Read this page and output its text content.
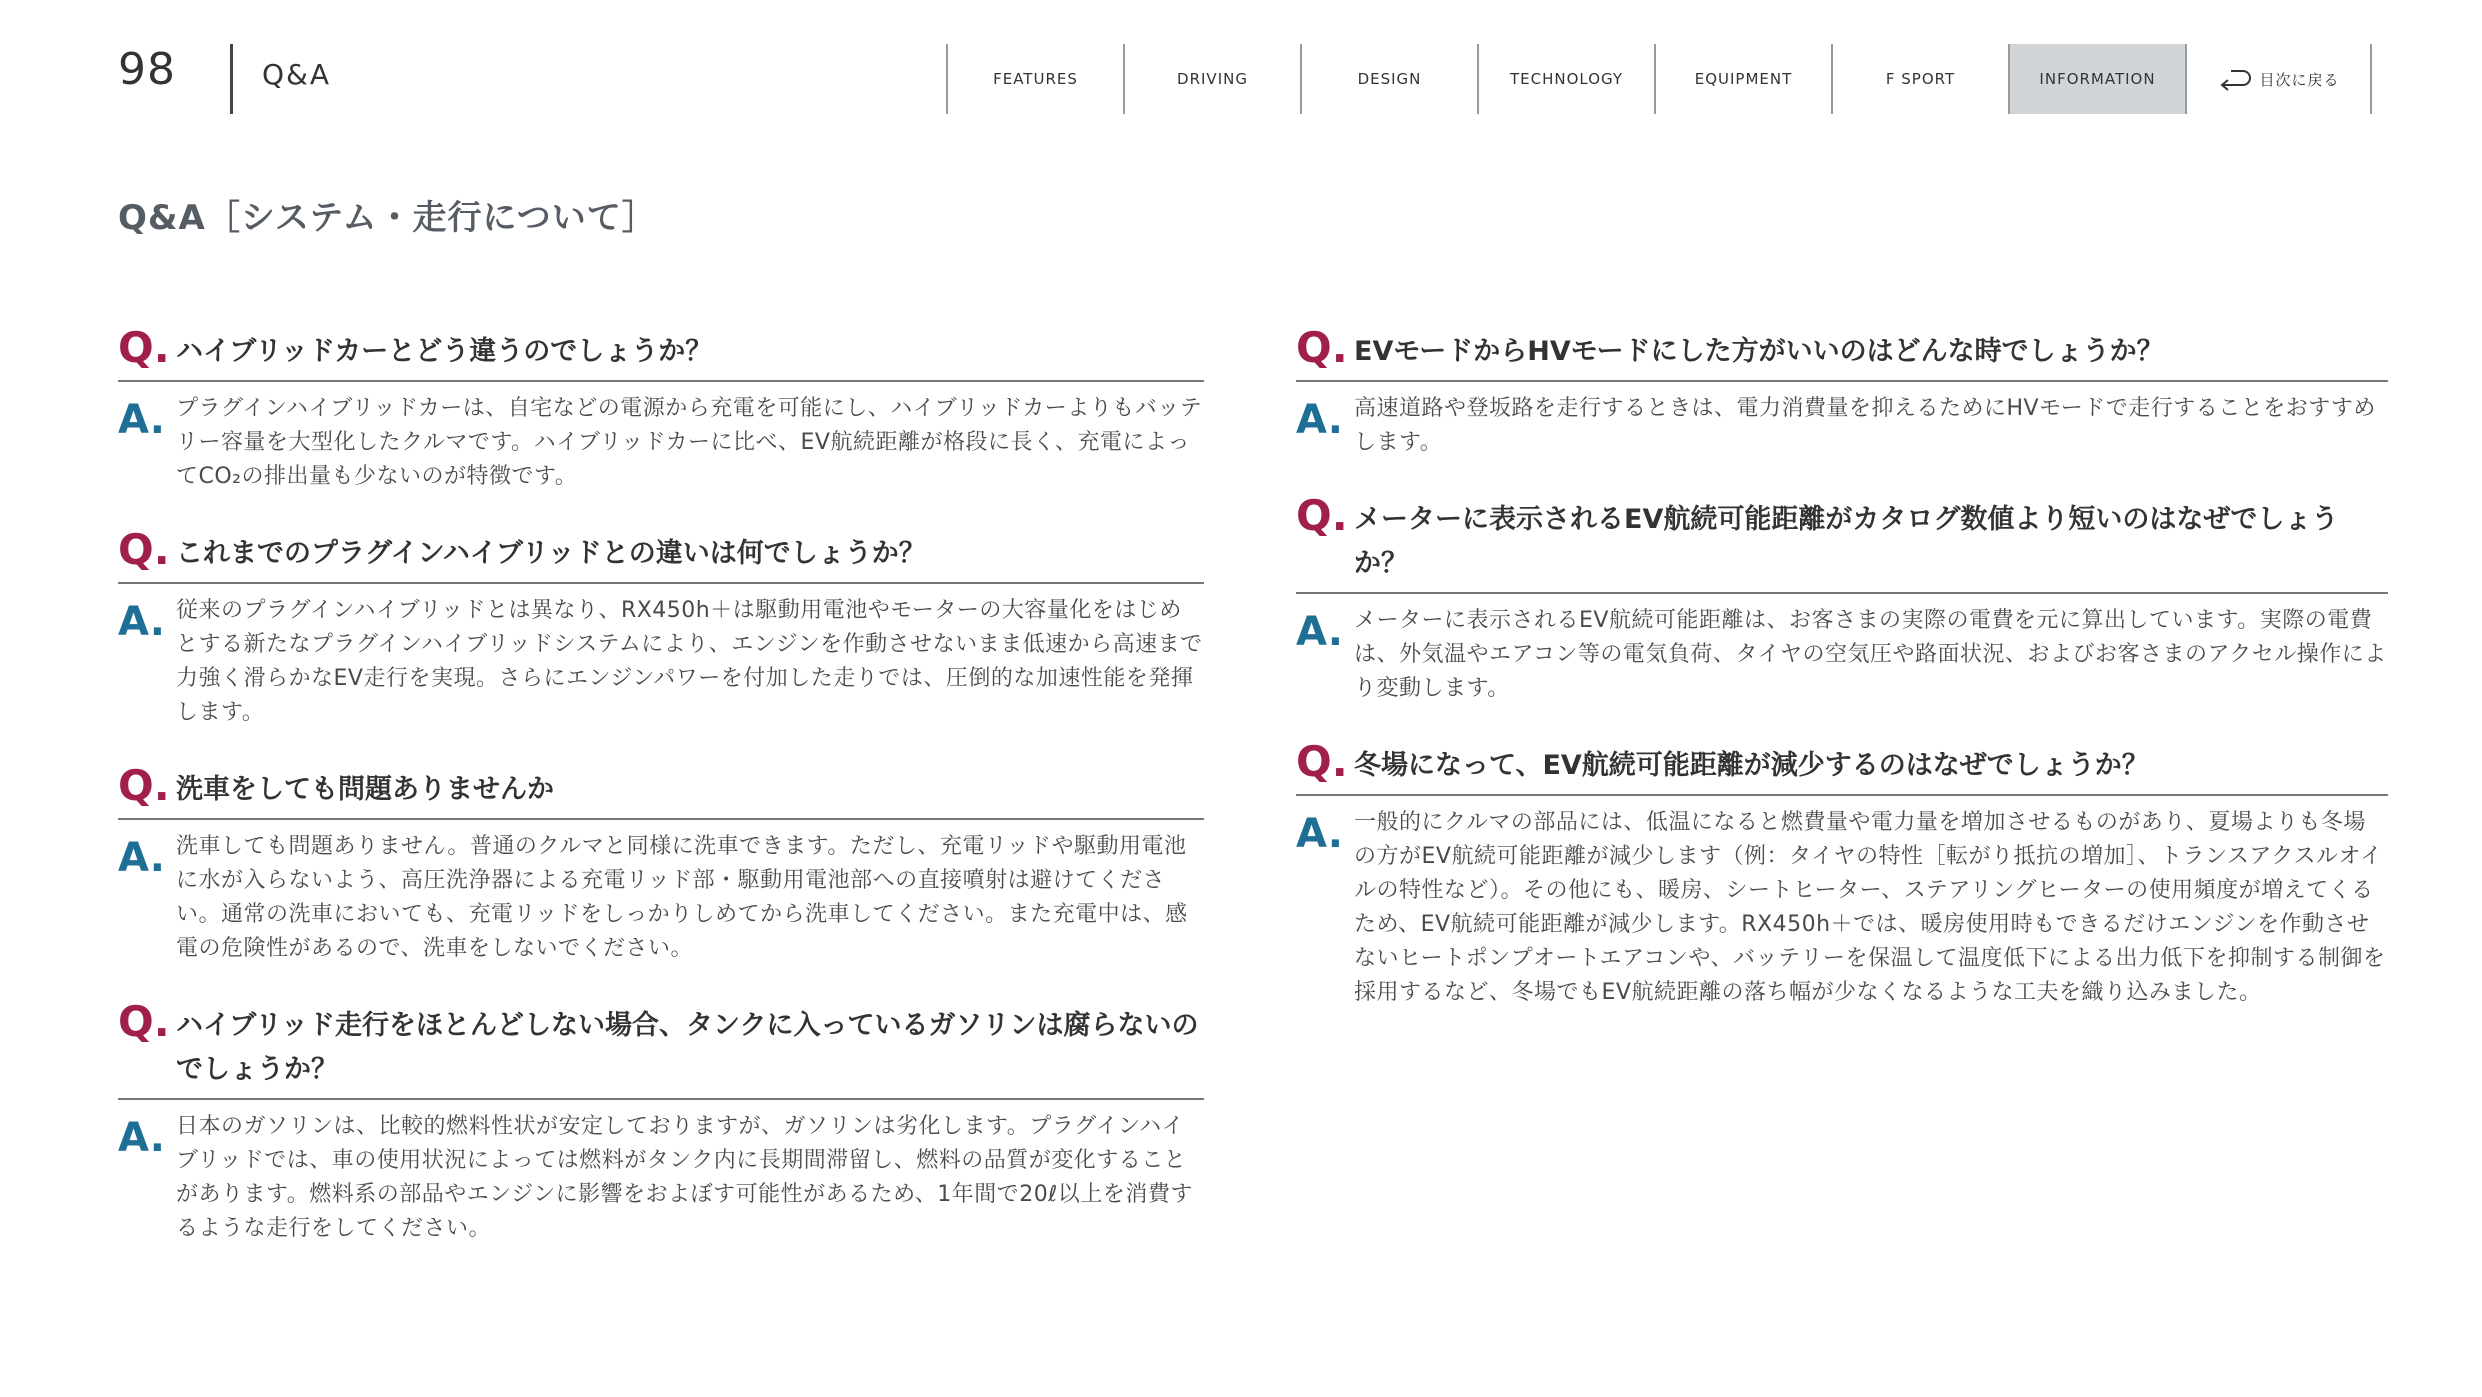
98	Q&A	FEATURES	DRIVING	DESIGN	TECHNOLOGY	EQUIPMENT	F SPORT	INFORMATION	目次に戻る
Q&A［システム・走行について］
Q. ハイブリッドカーとどう違うのでしょうか？
A. プラグインハイブリッドカーは、自宅などの電源から充電を可能にし、ハイブリッドカーよりもバッテリー容量を大型化したクルマです。ハイブリッドカーに比べ、EV航続距離が格段に長く、充電によってCO₂の排出量も少ないのが特徴です。
Q. これまでのプラグインハイブリッドとの違いは何でしょうか？
A. 従来のプラグインハイブリッドとは異なり、RX450h＋は駆動用電池やモーターの大容量化をはじめとする新たなプラグインハイブリッドシステムにより、エンジンを作動させないまま低速から高速まで力強く滑らかなEV走行を実現。さらにエンジンパワーを付加した走りでは、圧倒的な加速性能を発揮します。
Q. 洗車をしても問題ありませんか
A. 洗車しても問題ありません。普通のクルマと同様に洗車できます。ただし、充電リッドや駆動用電池に水が入らないよう、高圧洗浄器による充電リッド部・駆動用電池部への直接噴射は避けてください。通常の洗車においても、充電リッドをしっかりしめてから洗車してください。また充電中は、感電の危険性があるので、洗車をしないでください。
Q. ハイブリッド走行をほとんどしない場合、タンクに入っているガソリンは腐らないのでしょうか？
A. 日本のガソリンは、比較的燃料性状が安定しておりますが、ガソリンは劣化します。プラグインハイブリッドでは、車の使用状況によっては燃料がタンク内に長期間滞留し、燃料の品質が変化することがあります。燃料系の部品やエンジンに影響をおよぼす可能性があるため、1年間で20ℓ以上を消費するような走行をしてください。
Q. EVモードからHVモードにした方がいいのはどんな時でしょうか？
A. 高速道路や登坂路を走行するときは、電力消費量を抑えるためにHVモードで走行することをおすすめします。
Q. メーターに表示されるEV航続可能距離がカタログ数値より短いのはなぜでしょうか？
A. メーターに表示されるEV航続可能距離は、お客さまの実際の電費を元に算出しています。実際の電費は、外気温やエアコン等の電気負荷、タイヤの空気圧や路面状況、およびお客さまのアクセル操作により変動します。
Q. 冬場になって、EV航続可能距離が減少するのはなぜでしょうか？
A. 一般的にクルマの部品には、低温になると燃費量や電力量を増加させるものがあり、夏場よりも冬場の方がEV航続可能距離が減少します（例：タイヤの特性［転がり抵抗の増加］、トランスアクスルオイルの特性など）。その他にも、暖房、シートヒーター、ステアリングヒーターの使用頻度が増えてくるため、EV航続可能距離が減少します。RX450h＋では、暖房使用時もできるだけエンジンを作動させないヒートポンプオートエアコンや、バッテリーを保温して温度低下による出力低下を抑制する制御を採用するなど、冬場でもEV航続距離の落ち幅が少なくなるような工夫を織り込みました。
